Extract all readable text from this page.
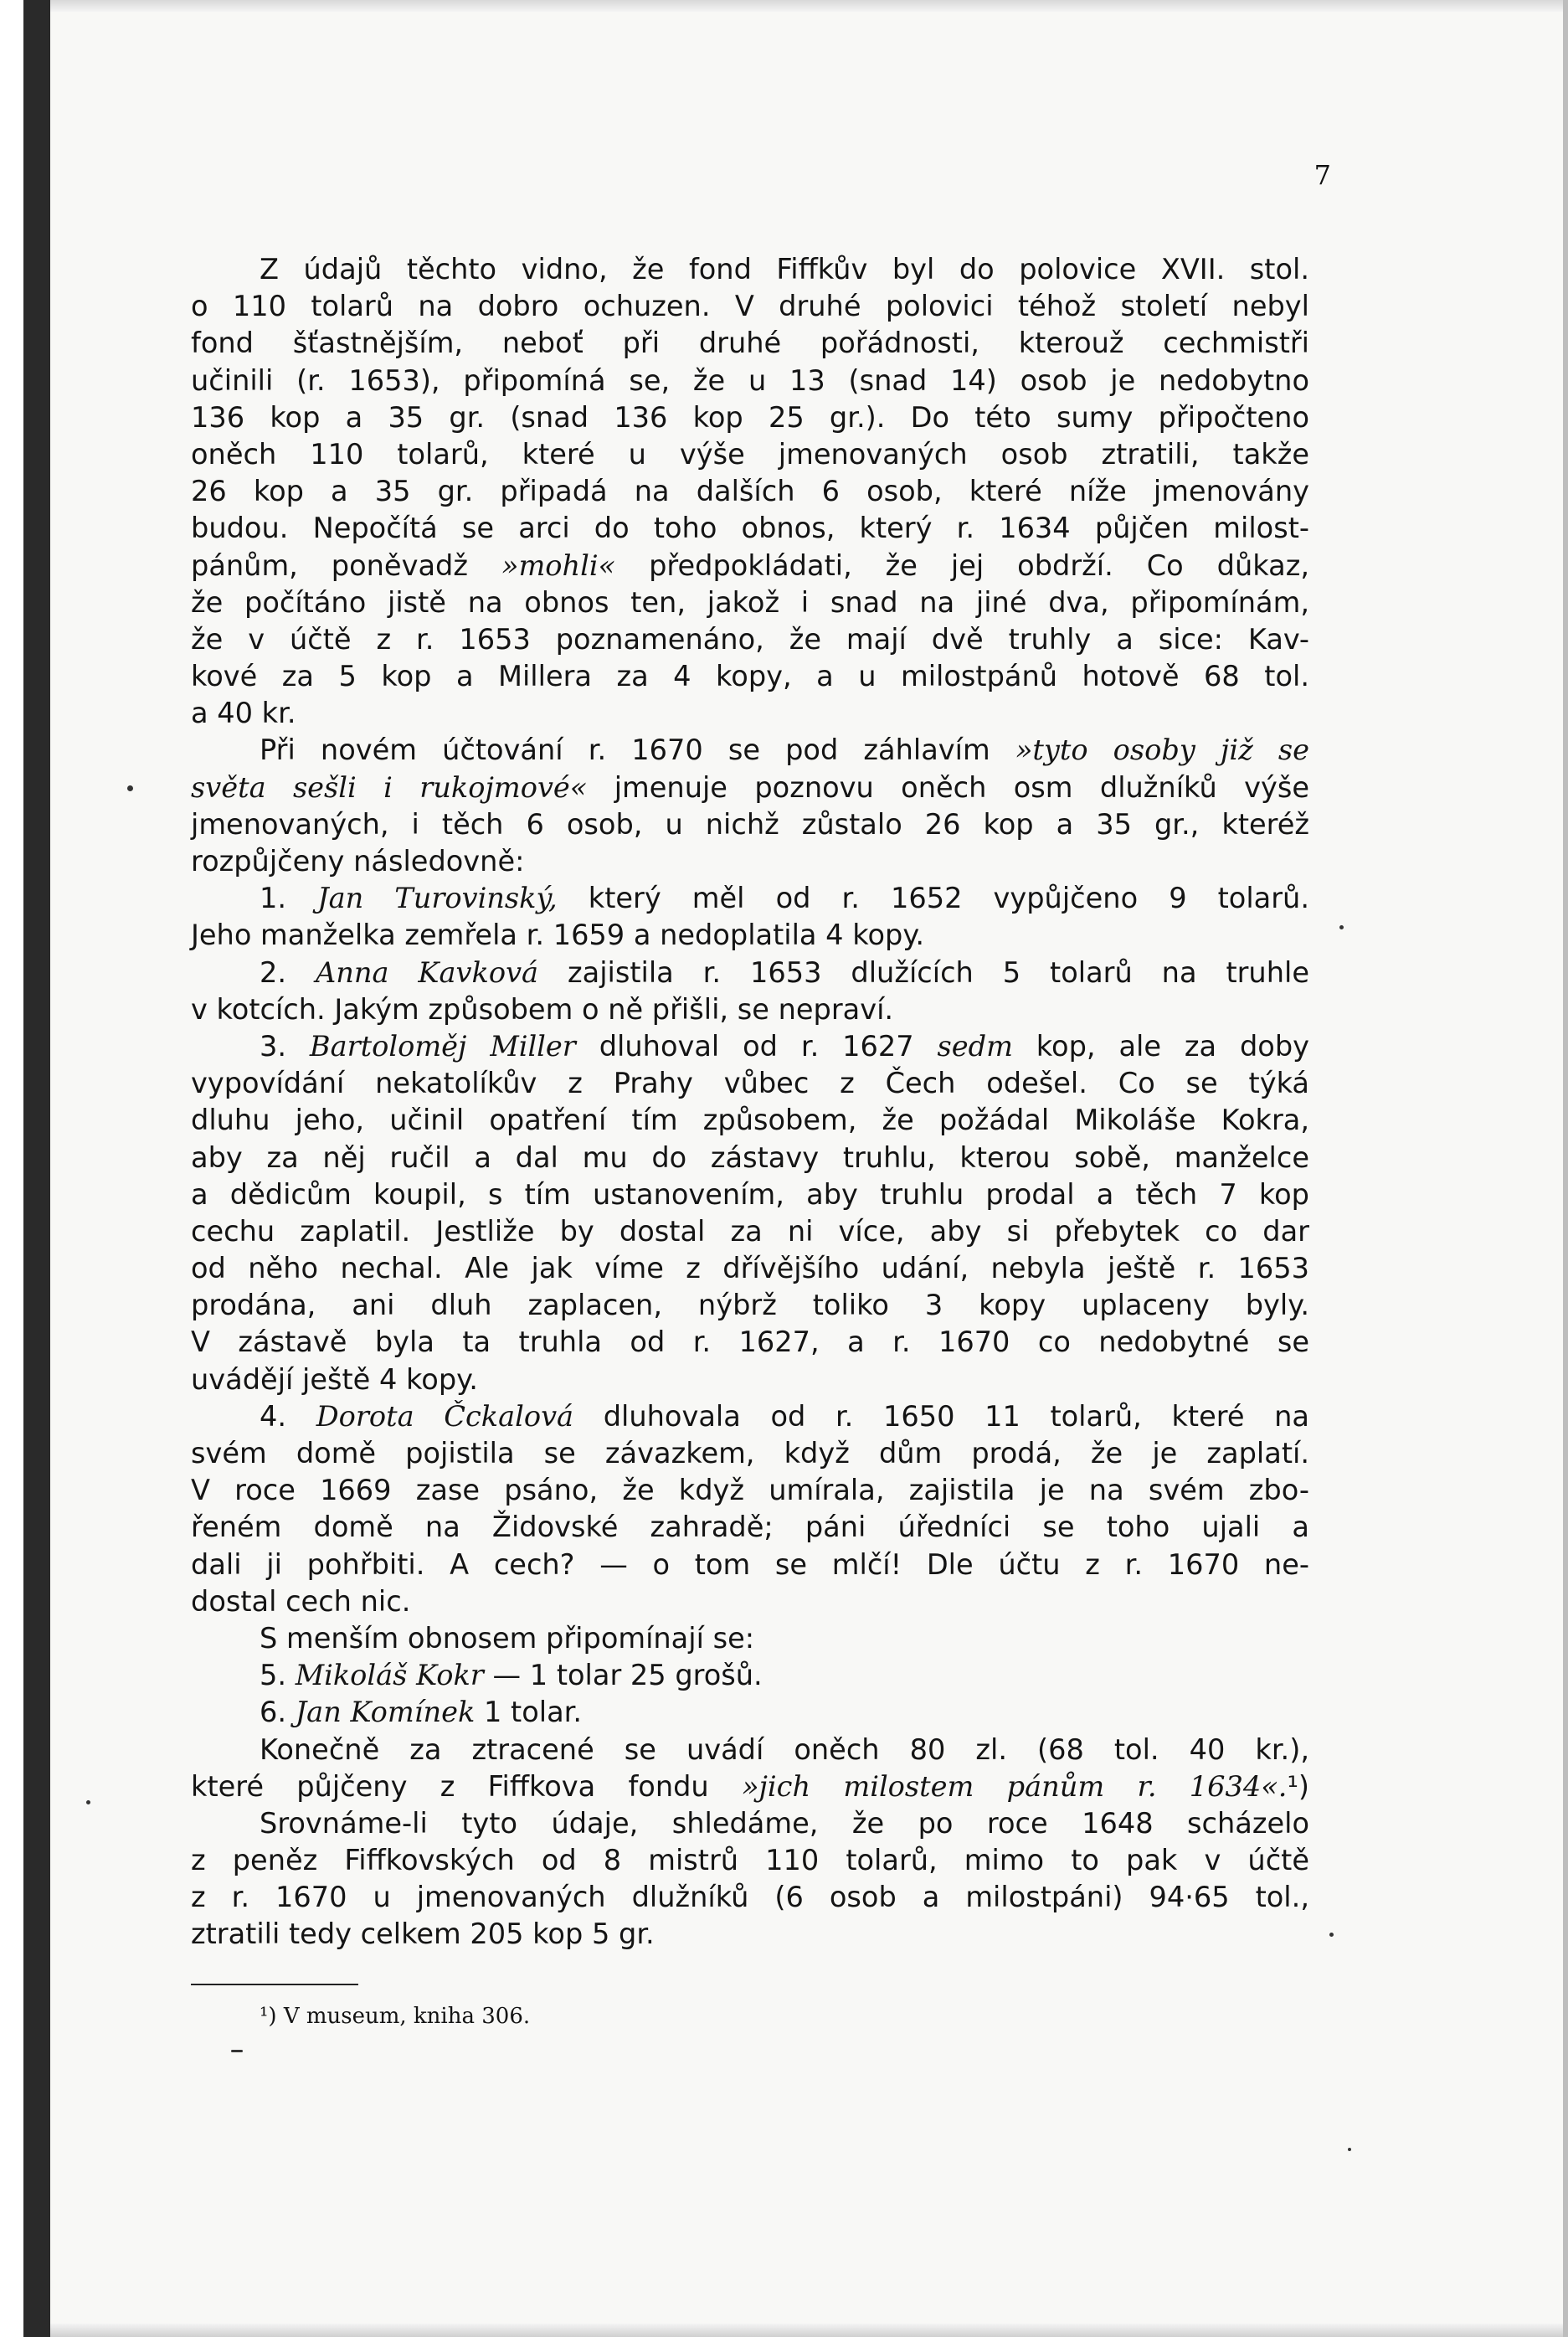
7
Z údajů těchto vidno, že fond Fiffkův byl do polovice XVII. stol.
o 110 tolarů na dobro ochuzen. V druhé polovici téhož století nebyl
fond šťastnějším, neboť při druhé pořádnosti, kterouž cechmistři
učinili (r. 1653), připomíná se, že u 13 (snad 14) osob je nedobytno
136 kop a 35 gr. (snad 136 kop 25 gr.). Do této sumy připočteno
oněch 110 tolarů, které u výše jmenovaných osob ztratili, takže
26 kop a 35 gr. připadá na dalších 6 osob, které níže jmenovány
budou. Nepočítá se arci do toho obnos, který r. 1634 půjčen milost-
pánům, poněvadž »mohli« předpokládati, že jej obdrží. Co důkaz,
že počítáno jistě na obnos ten, jakož i snad na jiné dva, připomínám,
že v účtě z r. 1653 poznamenáno, že mají dvě truhly a sice: Kav-
kové za 5 kop a Millera za 4 kopy, a u milostpánů hotově 68 tol.
a 40 kr.
Při novém účtování r. 1670 se pod záhlavím »tyto osoby již se
světa sešli i rukojmové« jmenuje poznovu oněch osm dlužníků výše
jmenovaných, i těch 6 osob, u nichž zůstalo 26 kop a 35 gr., kteréž
rozpůjčeny následovně:
1. Jan Turovinský, který měl od r. 1652 vypůjčeno 9 tolarů.
Jeho manželka zemřela r. 1659 a nedoplatila 4 kopy.
2. Anna Kavková zajistila r. 1653 dlužících 5 tolarů na truhle
v kotcích. Jakým způsobem o ně přišli, se nepraví.
3. Bartoloměj Miller dluhoval od r. 1627 sedm kop, ale za doby
vypovídání nekatolíkův z Prahy vůbec z Čech odešel. Co se týká
dluhu jeho, učinil opatření tím způsobem, že požádal Mikoláše Kokra,
aby za něj ručil a dal mu do zástavy truhlu, kterou sobě, manželce
a dědicům koupil, s tím ustanovením, aby truhlu prodal a těch 7 kop
cechu zaplatil. Jestliže by dostal za ni více, aby si přebytek co dar
od něho nechal. Ale jak víme z dřívějšího udání, nebyla ještě r. 1653
prodána, ani dluh zaplacen, nýbrž toliko 3 kopy uplaceny byly.
V zástavě byla ta truhla od r. 1627, a r. 1670 co nedobytné se
uvádějí ještě 4 kopy.
4. Dorota Čckalová dluhovala od r. 1650 11 tolarů, které na
svém domě pojistila se závazkem, když dům prodá, že je zaplatí.
V roce 1669 zase psáno, že když umírala, zajistila je na svém zbo-
řeném domě na Židovské zahradě; páni úředníci se toho ujali a
dali ji pohřbiti. A cech? — o tom se mlčí! Dle účtu z r. 1670 ne-
dostal cech nic.
S menším obnosem připomínají se:
5. Mikoláš Kokr — 1 tolar 25 grošů.
6. Jan Komínek 1 tolar.
Konečně za ztracené se uvádí oněch 80 zl. (68 tol. 40 kr.),
které půjčeny z Fiffkova fondu »jich milostem pánům r. 1634«.¹)
Srovnáme-li tyto údaje, shledáme, že po roce 1648 scházelo
z peněz Fiffkovských od 8 mistrů 110 tolarů, mimo to pak v účtě
z r. 1670 u jmenovaných dlužníků (6 osob a milostpáni) 94·65 tol.,
ztratili tedy celkem 205 kop 5 gr.
¹) V museum, kniha 306.
